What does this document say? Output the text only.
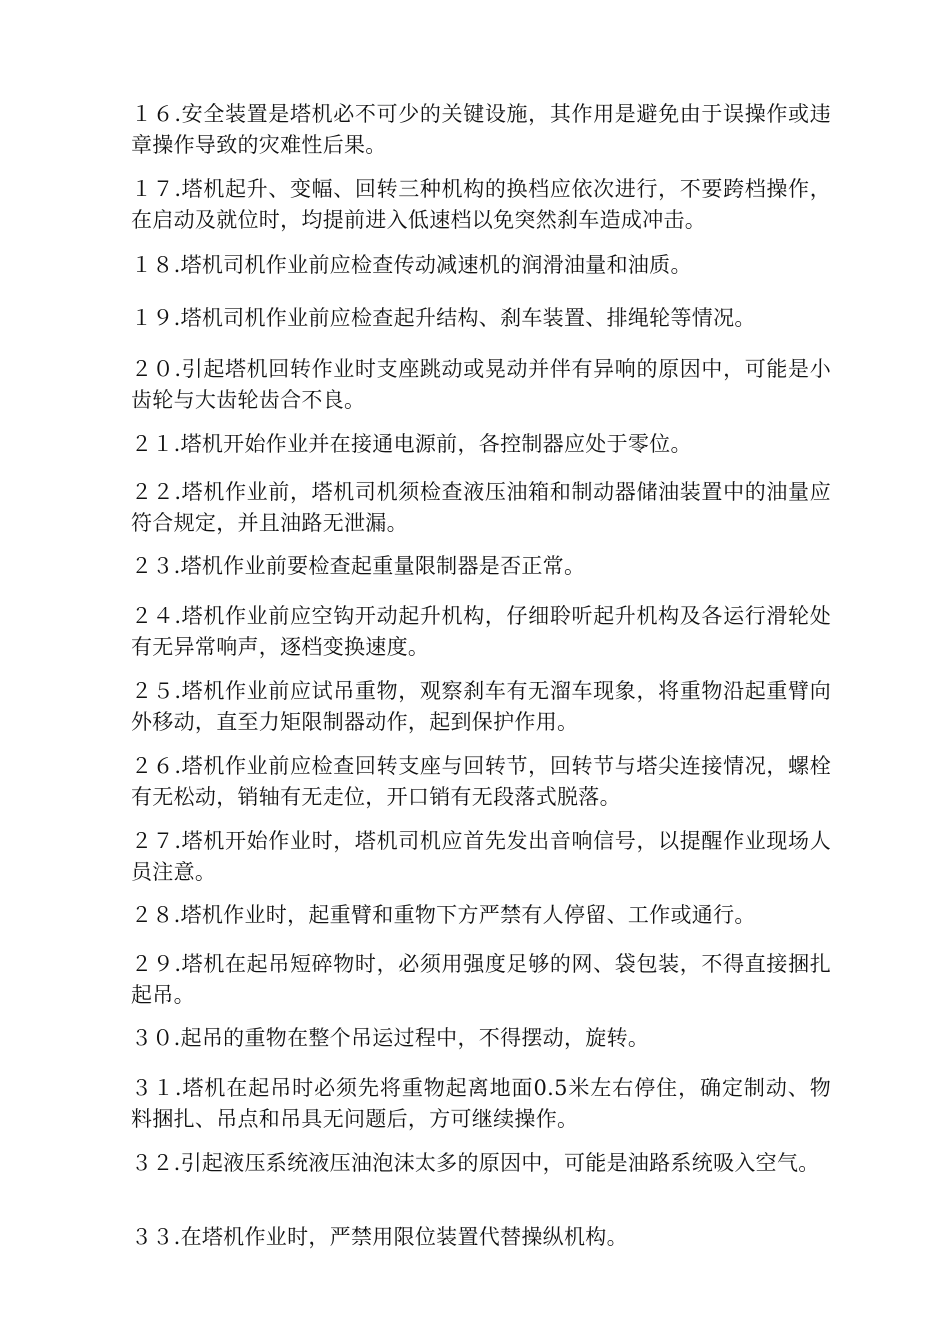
１６.安全装置是塔机必不可少的关键设施，其作用是避免由于误操作或违章操作导致的灾难性后果。
１７.塔机起升、变幅、回转三种机构的换档应依次进行，不要跨档操作，在启动及就位时，均提前进入低速档以免突然刹车造成冲击。
１８.塔机司机作业前应检查传动减速机的润滑油量和油质。
１９.塔机司机作业前应检查起升结构、刹车装置、排绳轮等情况。
２０.引起塔机回转作业时支座跳动或晃动并伴有异响的原因中，可能是小齿轮与大齿轮齿合不良。
２１.塔机开始作业并在接通电源前，各控制器应处于零位。
２２.塔机作业前，塔机司机须检查液压油箱和制动器储油装置中的油量应符合规定，并且油路无泄漏。
２３.塔机作业前要检查起重量限制器是否正常。
２４.塔机作业前应空钩开动起升机构，仔细聆听起升机构及各运行滑轮处有无异常响声，逐档变换速度。
２５.塔机作业前应试吊重物，观察刹车有无溜车现象，将重物沿起重臂向外移动，直至力矩限制器动作，起到保护作用。
２６.塔机作业前应检查回转支座与回转节，回转节与塔尖连接情况，螺栓有无松动，销轴有无走位，开口销有无段落式脱落。
２７.塔机开始作业时，塔机司机应首先发出音响信号，以提醒作业现场人员注意。
２８.塔机作业时，起重臂和重物下方严禁有人停留、工作或通行。
２９.塔机在起吊短碎物时，必须用强度足够的网、袋包装，不得直接捆扎起吊。
３０.起吊的重物在整个吊运过程中，不得摆动，旋转。
３１.塔机在起吊时必须先将重物起离地面0.5米左右停住，确定制动、物料捆扎、吊点和吊具无问题后，方可继续操作。
３２.引起液压系统液压油泡沫太多的原因中，可能是油路系统吸入空气。
３３.在塔机作业时，严禁用限位装置代替操纵机构。
